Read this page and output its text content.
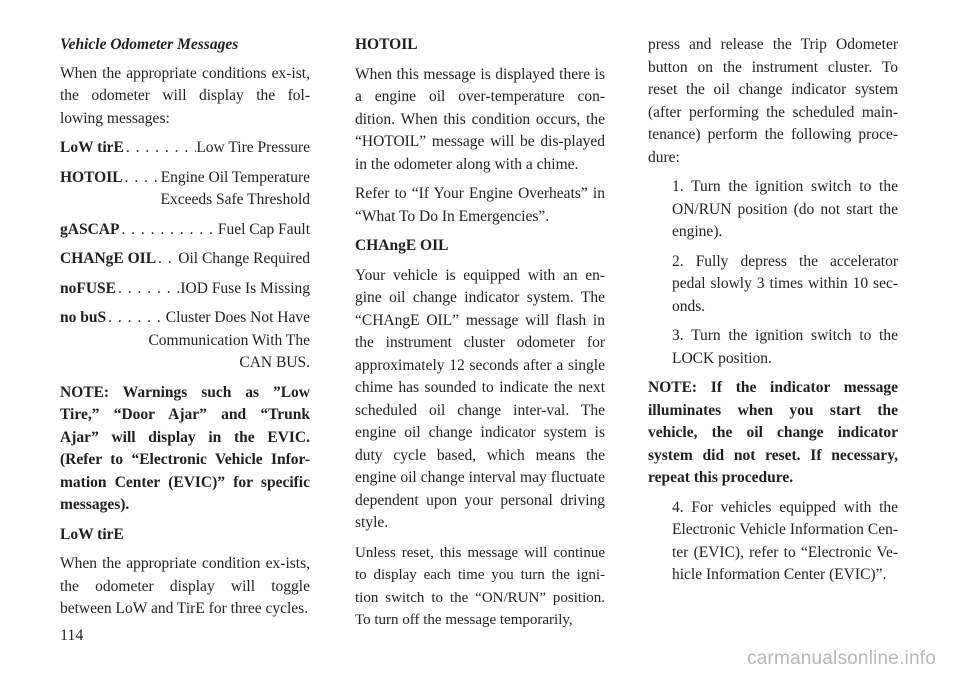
Vehicle Odometer Messages

When the appropriate conditions ex-ist, the odometer will display the fol-lowing messages:

LoW tirE . . .	Low Tire Pressure
HOTOIL . . . Engine Oil Temperature
Exceeds Safe Threshold
gASCAP . . .	Fuel Cap Fault
CHANgE OIL . . . Oil Change Required
noFUSE . . .	IOD Fuse Is Missing
no buS . . .	Cluster Does Not Have
Communication With The
CAN BUS.

NOTE: Warnings such as ”Low Tire,” “Door Ajar” and “Trunk Ajar” will display in the EVIC. (Refer to “Electronic Vehicle Infor-mation Center (EVIC)” for specific messages).

LoW tirE

When the appropriate condition ex-ists, the odometer display will toggle between LoW and TirE for three cycles.

HOTOIL

When this message is displayed there is a engine oil over-temperature con-dition. When this condition occurs, the “HOTOIL” message will be dis-played in the odometer along with a chime.

Refer to “If Your Engine Overheats” in “What To Do In Emergencies”.

CHAngE OIL

Your vehicle is equipped with an en-gine oil change indicator system. The “CHAngE OIL” message will flash in the instrument cluster odometer for approximately 12 seconds after a single chime has sounded to indicate the next scheduled oil change inter-val. The engine oil change indicator system is duty cycle based, which means the engine oil change interval may fluctuate dependent upon your personal driving style.

Unless reset, this message will continue to display each time you turn the igni-tion switch to the “ON/RUN” position. To turn off the message temporarily,

press and release the Trip Odometer button on the instrument cluster. To reset the oil change indicator system (after performing the scheduled main-tenance) perform the following proce-dure:

1. Turn the ignition switch to the ON/RUN position (do not start the engine).

2. Fully depress the accelerator pedal slowly 3 times within 10 sec-onds.

3. Turn the ignition switch to the LOCK position.

NOTE: If the indicator message illuminates when you start the vehicle, the oil change indicator system did not reset. If necessary, repeat this procedure.

4. For vehicles equipped with the Electronic Vehicle Information Cen-ter (EVIC), refer to “Electronic Ve-hicle Information Center (EVIC)”.

114
carmanualsonline.info
